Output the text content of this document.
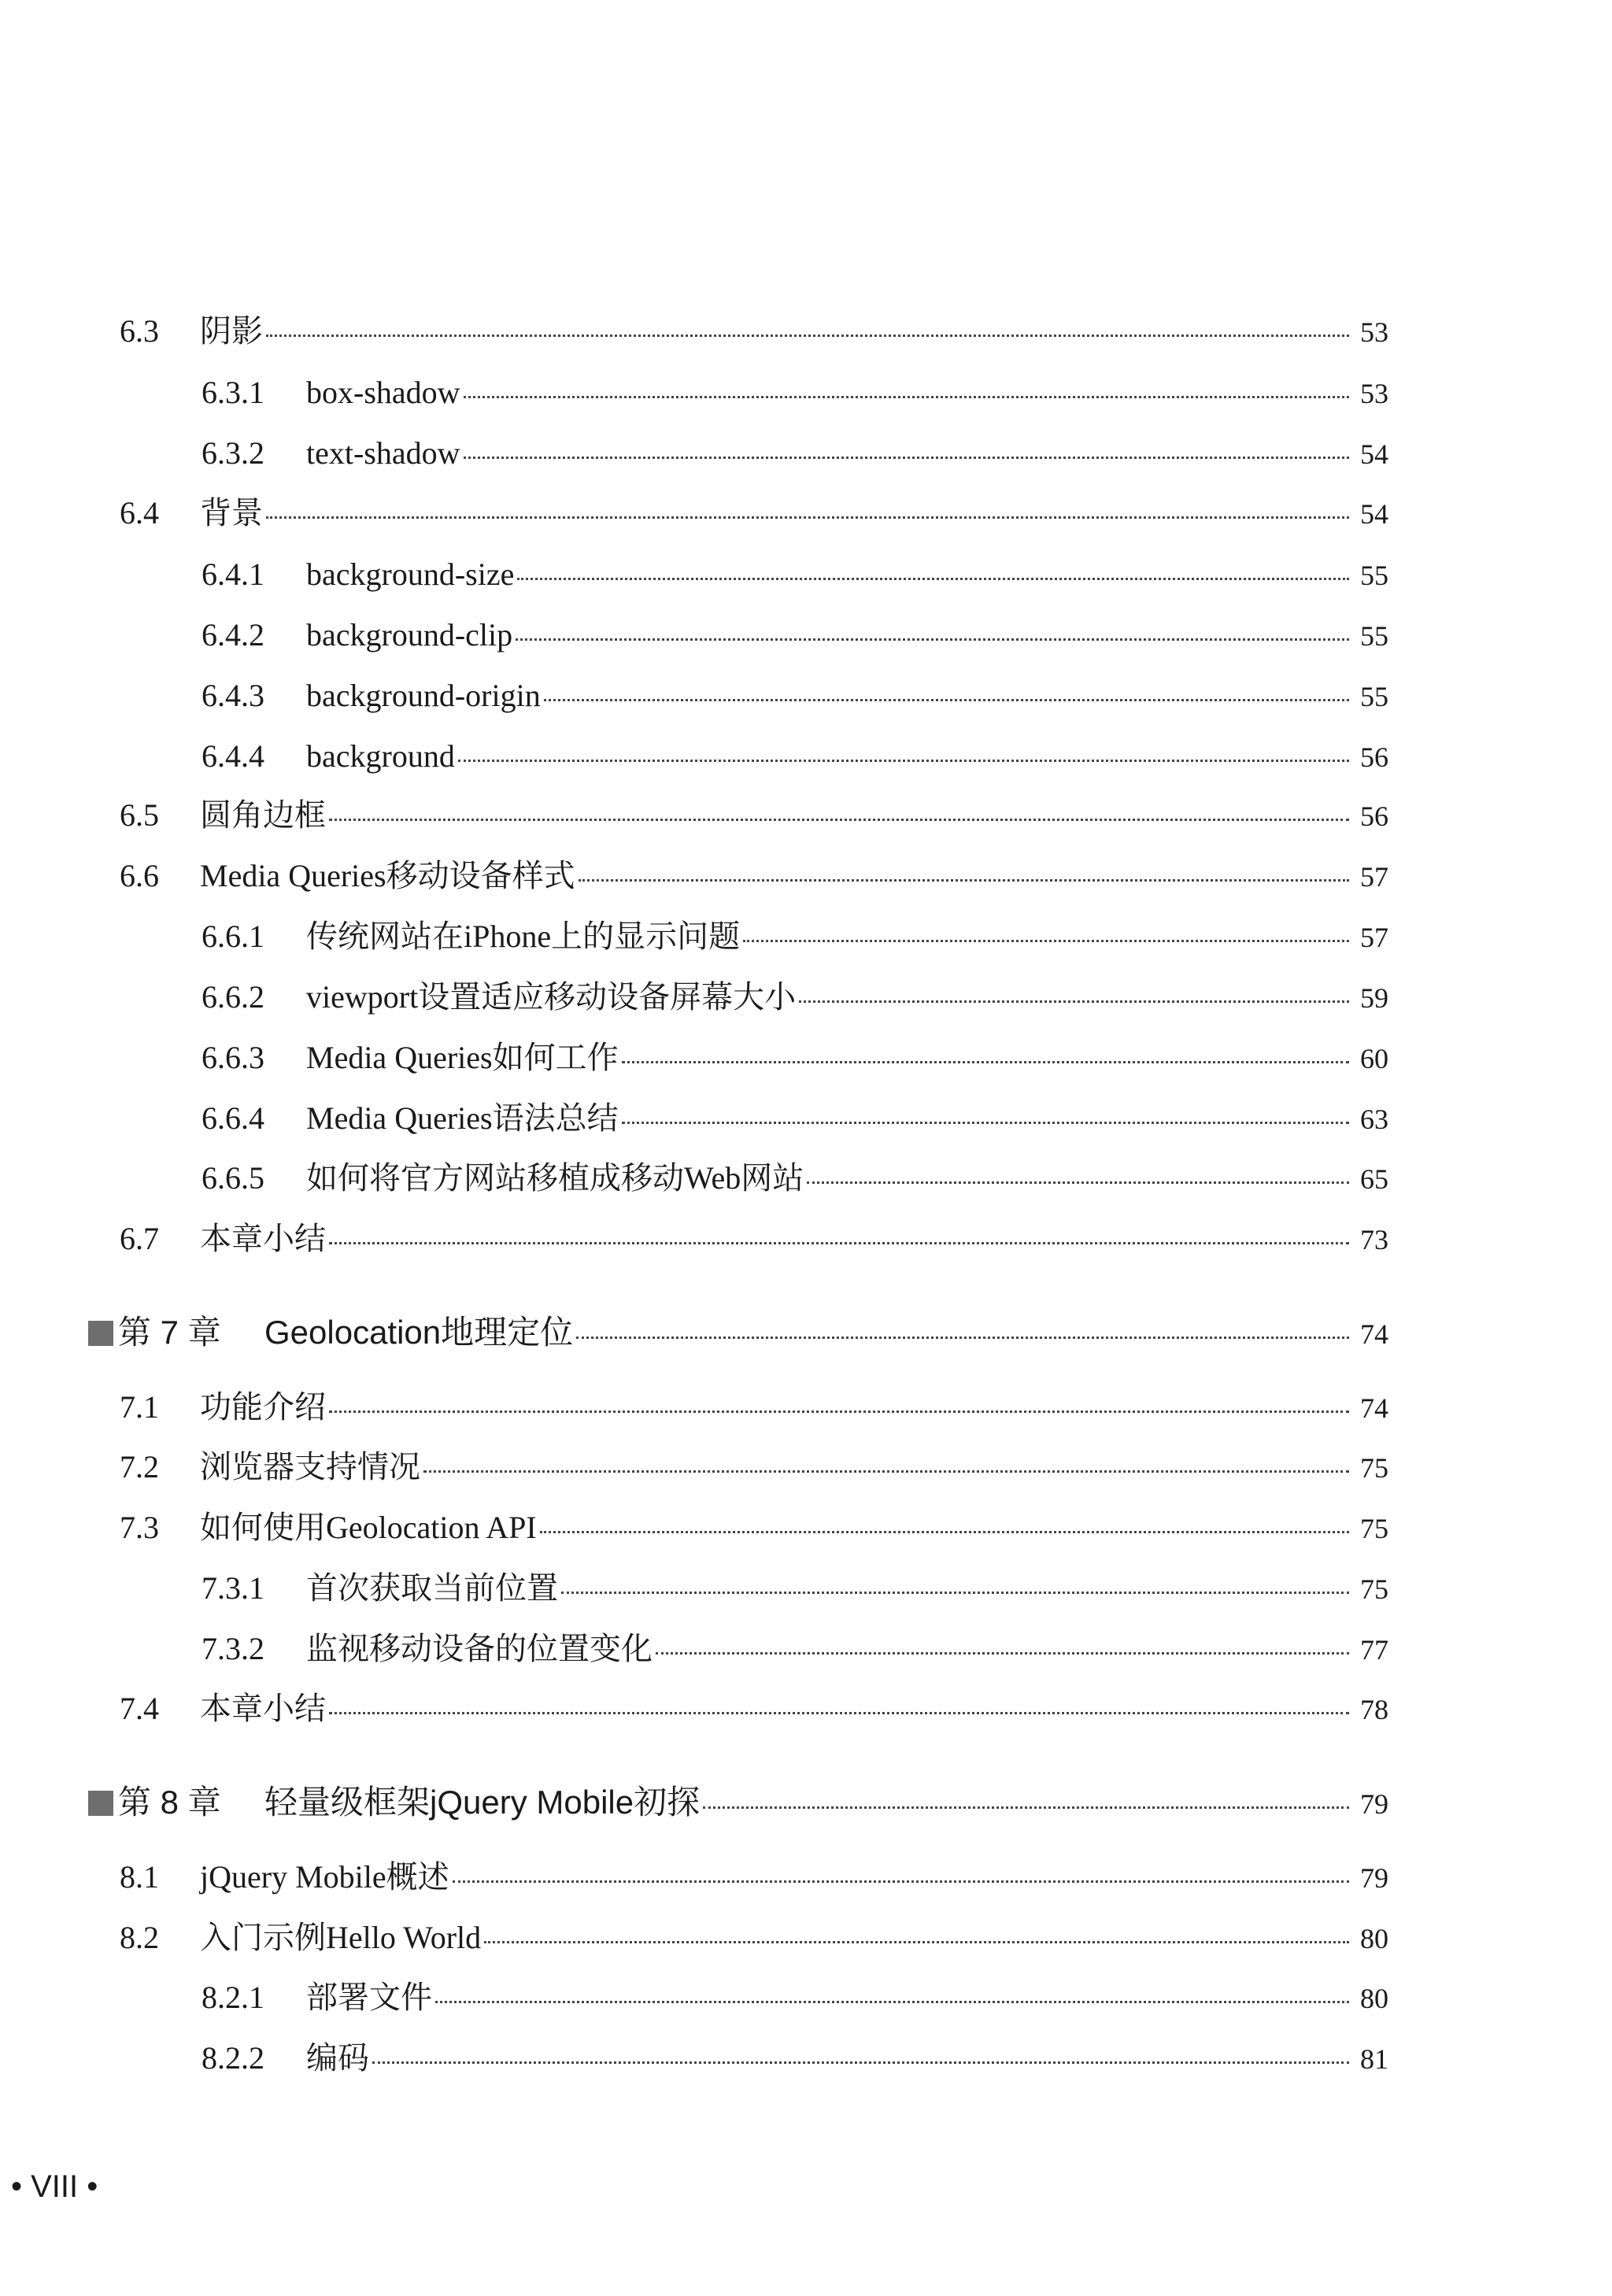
6.3	阴影	53
6.3.1	box-shadow	53
6.3.2	text-shadow	54
6.4	背景	54
6.4.1	background-size	55
6.4.2	background-clip	55
6.4.3	background-origin	55
6.4.4	background	56
6.5	圆角边框	56
6.6	Media Queries移动设备样式	57
6.6.1	传统网站在iPhone上的显示问题	57
6.6.2	viewport设置适应移动设备屏幕大小	59
6.6.3	Media Queries如何工作	60
6.6.4	Media Queries语法总结	63
6.6.5	如何将官方网站移植成移动Web网站	65
6.7	本章小结	73
第 7 章	Geolocation地理定位	74
7.1	功能介绍	74
7.2	浏览器支持情况	75
7.3	如何使用Geolocation API	75
7.3.1	首次获取当前位置	75
7.3.2	监视移动设备的位置变化	77
7.4	本章小结	78
第 8 章	轻量级框架jQuery Mobile初探	79
8.1	jQuery Mobile概述	79
8.2	入门示例Hello World	80
8.2.1	部署文件	80
8.2.2	编码	81
• VIII •
